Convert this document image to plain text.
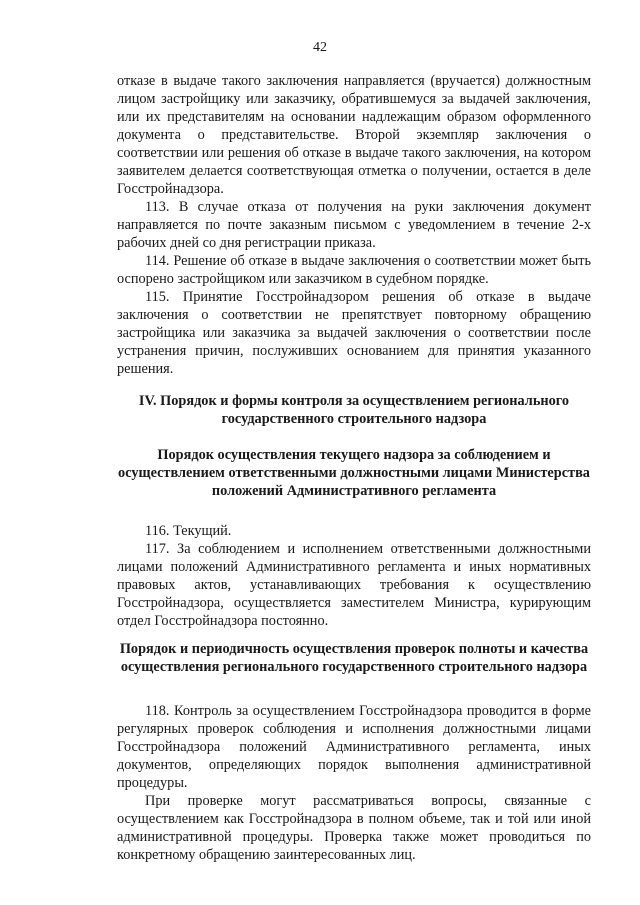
42

отказе в выдаче такого заключения направляется (вручается) должностным лицом застройщику или заказчику, обратившемуся за выдачей заключения, или их представителям на основании надлежащим образом оформленного документа о представительстве. Второй экземпляр заключения о соответствии или решения об отказе в выдаче такого заключения, на котором заявителем делается соответствующая отметка о получении, остается в деле Госстройнадзора.

113. В случае отказа от получения на руки заключения документ направляется по почте заказным письмом с уведомлением в течение 2-х рабочих дней со дня регистрации приказа.

114. Решение об отказе в выдаче заключения о соответствии может быть оспорено застройщиком или заказчиком в судебном порядке.

115. Принятие Госстройнадзором решения об отказе в выдаче заключения о соответствии не препятствует повторному обращению застройщика или заказчика за выдачей заключения о соответствии после устранения причин, послуживших основанием для принятия указанного решения.

IV. Порядок и формы контроля за осуществлением регионального государственного строительного надзора
Порядок осуществления текущего надзора за соблюдением и осуществлением ответственными должностными лицами Министерства положений Административного регламента

116. Текущий.

117. За соблюдением и исполнением ответственными должностными лицами положений Административного регламента и иных нормативных правовых актов, устанавливающих требования к осуществлению Госстройнадзора, осуществляется заместителем Министра, курирующим отдел Госстройнадзора постоянно.

Порядок и периодичность осуществления проверок полноты и качества осуществления регионального государственного строительного надзора

118. Контроль за осуществлением Госстройнадзора проводится в форме регулярных проверок соблюдения и исполнения должностными лицами Госстройнадзора положений Административного регламента, иных документов, определяющих порядок выполнения административной процедуры.

При проверке могут рассматриваться вопросы, связанные с осуществлением как Госстройнадзора в полном объеме, так и той или иной административной процедуры. Проверка также может проводиться по конкретному обращению заинтересованных лиц.
